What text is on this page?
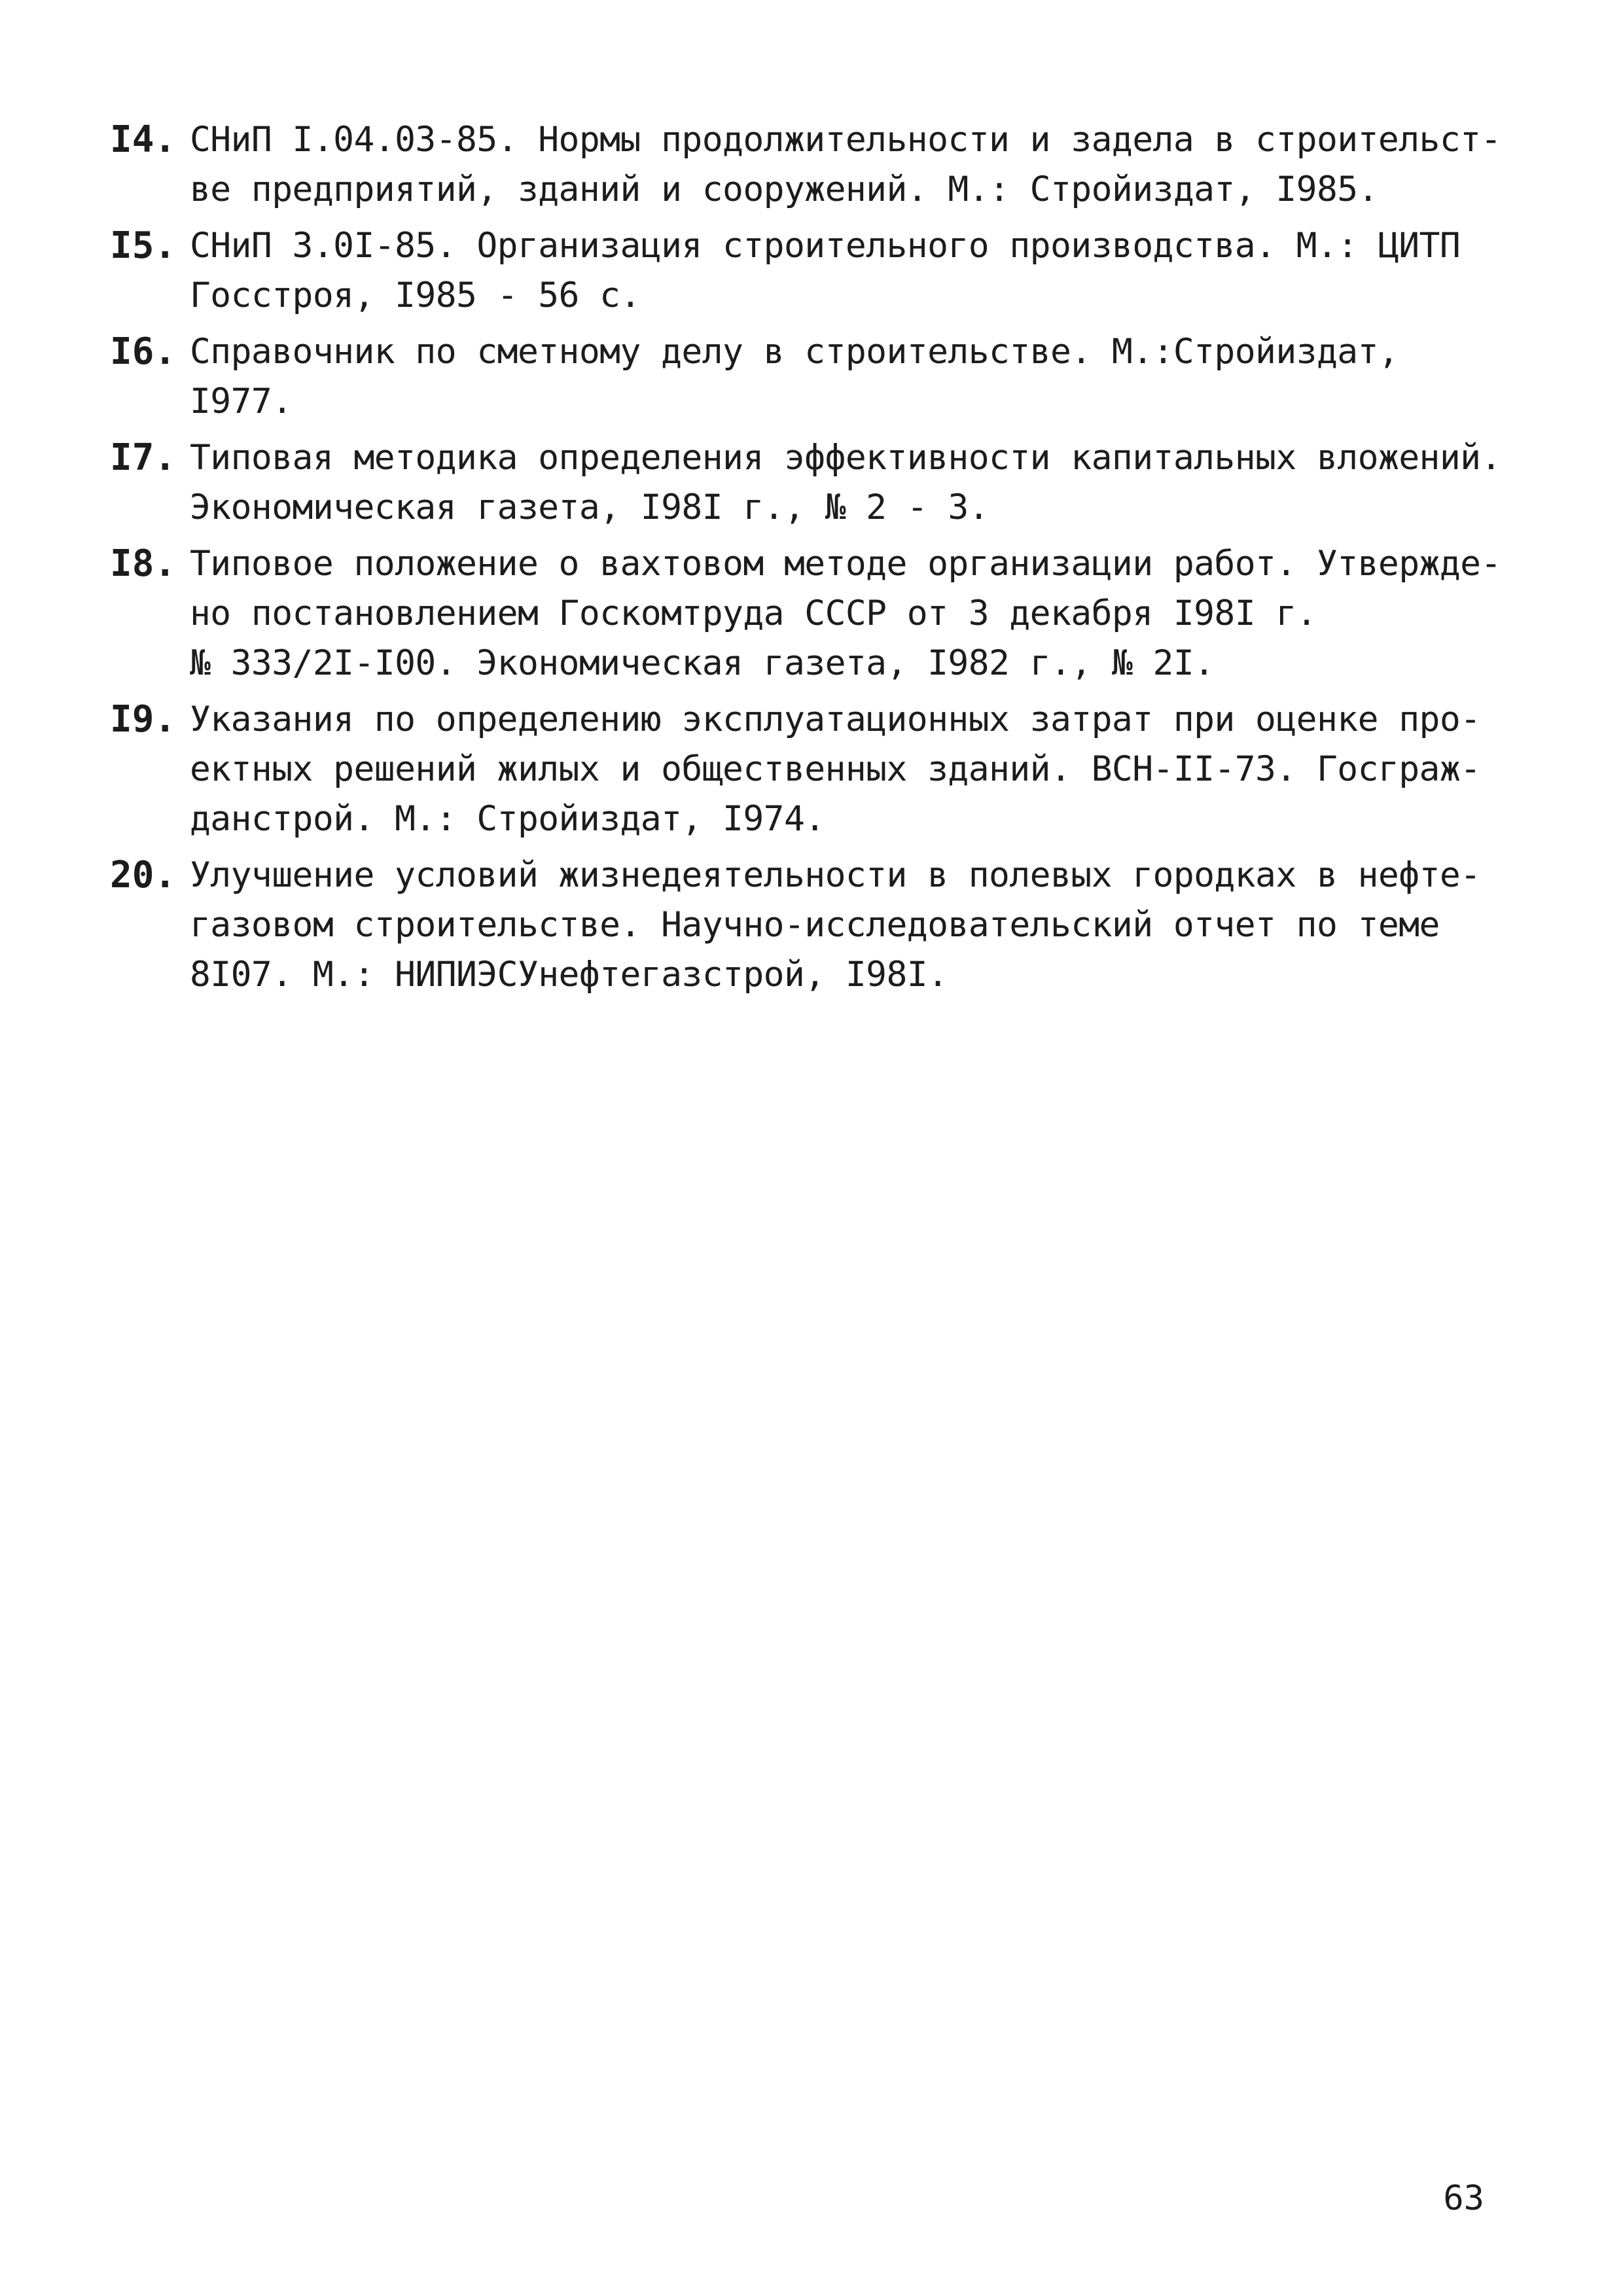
I4. СНиП I.04.03-85. Нормы продолжительности и задела в строительст-
ве предприятий, зданий и сооружений. М.: Стройиздат, I985.
I5. СНиП 3.0I-85. Организация строительного производства. М.: ЦИТП
Госстроя, I985 - 56 с.
I6. Справочник по сметному делу в строительстве. М.:Стройиздат,
I977.
I7. Типовая методика определения эффективности капитальных вложений.
Экономическая газета, I98I г., № 2 - 3.
I8. Типовое положение о вахтовом методе организации работ. Утвержде-
но постановлением Госкомтруда СССР от 3 декабря I98I г.
№ 333/2I-I00. Экономическая газета, I982 г., № 2I.
I9. Указания по определению эксплуатационных затрат при оценке про-
ектных решений жилых и общественных зданий. ВСН-II-73. Госграж-
данстрой. М.: Стройиздат, I974.
20. Улучшение условий жизнедеятельности в полевых городках в нефте-
газовом строительстве. Научно-исследовательский отчет по теме
8I07. М.: НИПИЭСУнефтегазстрой, I98I.
63
